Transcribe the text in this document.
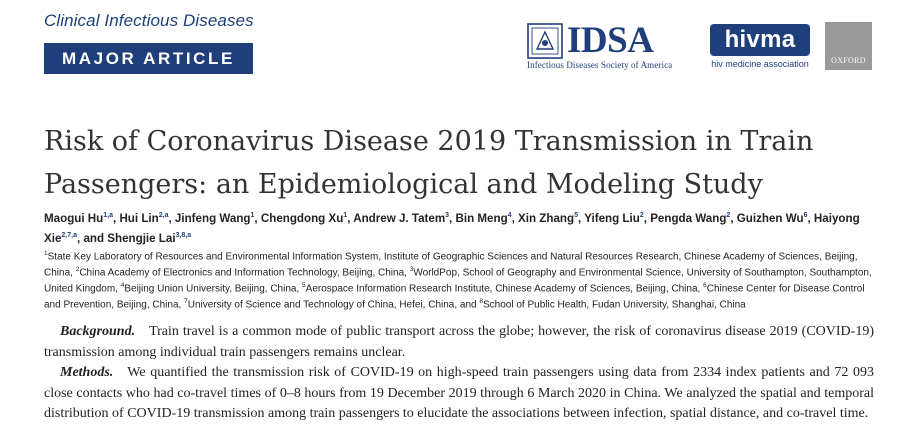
Clinical Infectious Diseases
MAJOR ARTICLE	IDSA
Infectious Diseases Society of America
hivma
hiv medicine association	OXFORD
Risk of Coronavirus Disease 2019 Transmission in Train Passengers: an Epidemiological and Modeling Study
Maogui Hu$^{1,a}$, Hui Lin$^{2,a}$, Jinfeng Wang$^1$, Chengdong Xu$^1$, Andrew J. Tatem$^3$, Bin Meng$^4$, Xin Zhang$^5$, Yifeng Liu$^2$, Pengda Wang$^2$, Guizhen Wu$^6$, Haiyong Xie$^{2,7,a}$, and Shengjie Lai$^{3,8,a}$
$^1$State Key Laboratory of Resources and Environmental Information System, Institute of Geographic Sciences and Natural Resources Research, Chinese Academy of Sciences, Beijing, China, $^2$China Academy of Electronics and Information Technology, Beijing, China, $^3$WorldPop, School of Geography and Environmental Science, University of Southampton, Southampton, United Kingdom, $^4$Beijing Union University, Beijing, China, $^5$Aerospace Information Research Institute, Chinese Academy of Sciences, Beijing, China, $^6$Chinese Center for Disease Control and Prevention, Beijing, China, $^7$University of Science and Technology of China, Hefei, China, and $^8$School of Public Health, Fudan University, Shanghai, China

Background.  Train travel is a common mode of public transport across the globe; however, the risk of coronavirus disease 2019 (COVID-19) transmission among individual train passengers remains unclear.

Methods.  We quantified the transmission risk of COVID-19 on high-speed train passengers using data from 2334 index patients and 72 093 close contacts who had co-travel times of 0–8 hours from 19 December 2019 through 6 March 2020 in China. We analyzed the spatial and temporal distribution of COVID-19 transmission among train passengers to elucidate the associations between infection, spatial distance, and co-travel time.
